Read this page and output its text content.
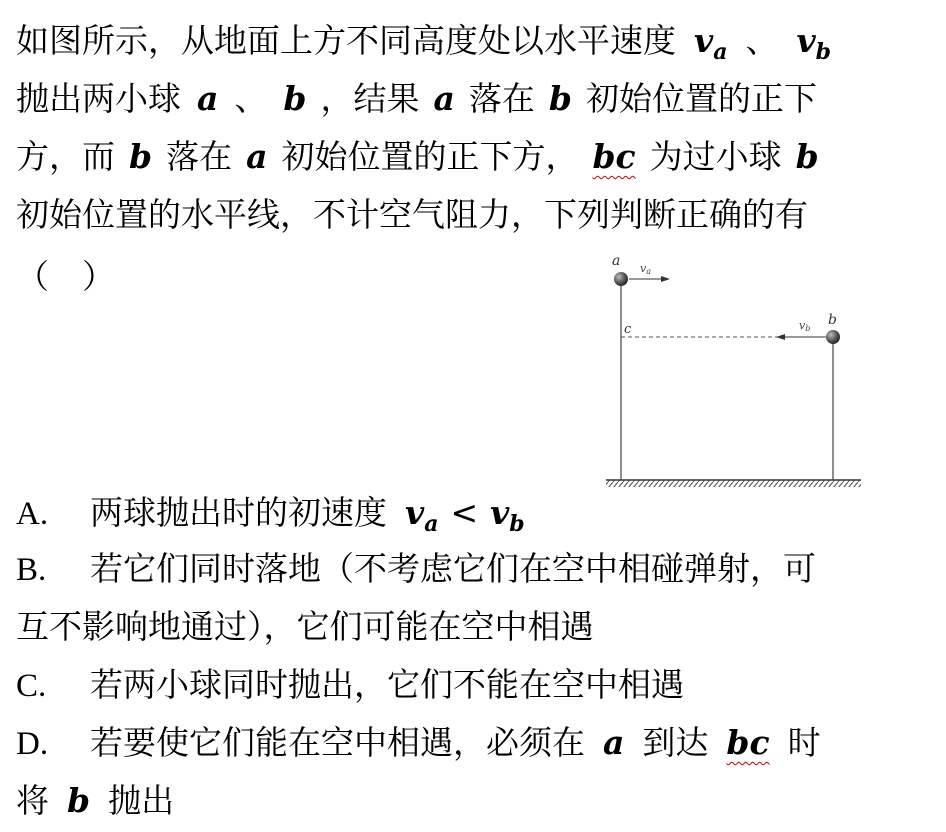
如图所示，从地面上方不同高度处以水平速度 $v_a$ 、 $v_b$
抛出两小球 a 、 b ，结果 a 落在 b 初始位置的正下
方，而 b 落在 a 初始位置的正下方， bc 为过小球 b
初始位置的水平线，不计空气阻力，下列判断正确的有
（　）	a va
b
vb
c
A. 两球抛出时的初速度 $v_a < v_b$
B. 若它们同时落地（不考虑它们在空中相碰弹射，可
互不影响地通过），它们可能在空中相遇
C. 若两小球同时抛出，它们不能在空中相遇
D. 若要使它们能在空中相遇，必须在 a 到达 bc 时
将 b 抛出
